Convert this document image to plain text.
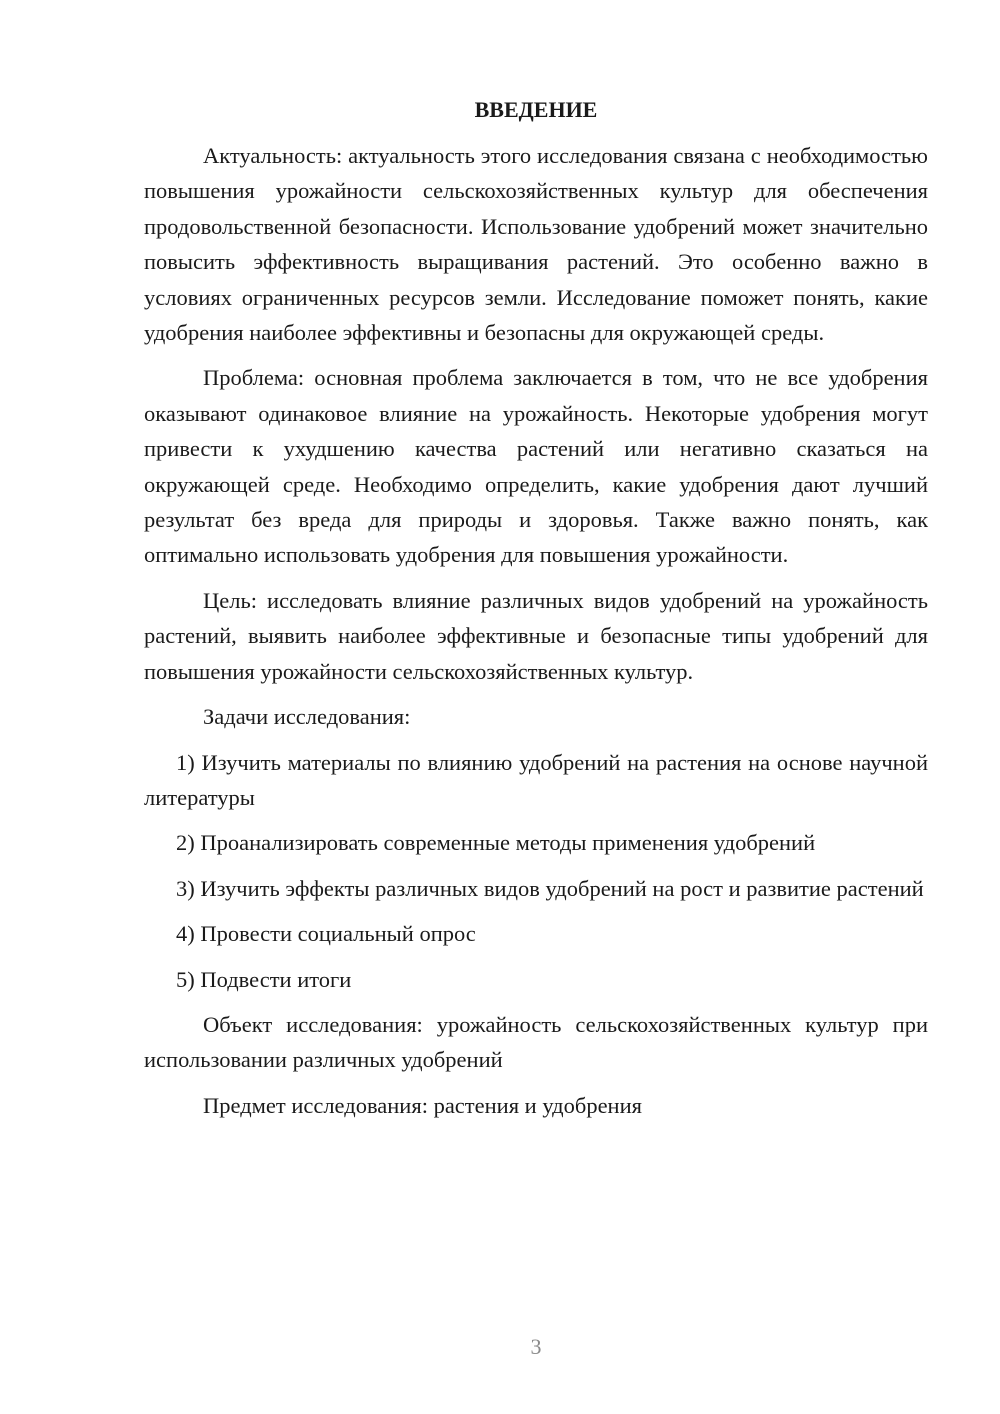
ВВЕДЕНИЕ

Актуальность: актуальность этого исследования связана с необходимостью повышения урожайности сельскохозяйственных культур для обеспечения продовольственной безопасности. Использование удобрений может значительно повысить эффективность выращивания растений. Это особенно важно в условиях ограниченных ресурсов земли. Исследование поможет понять, какие удобрения наиболее эффективны и безопасны для окружающей среды.

Проблема: основная проблема заключается в том, что не все удобрения оказывают одинаковое влияние на урожайность. Некоторые удобрения могут привести к ухудшению качества растений или негативно сказаться на окружающей среде. Необходимо определить, какие удобрения дают лучший результат без вреда для природы и здоровья. Также важно понять, как оптимально использовать удобрения для повышения урожайности.

Цель: исследовать влияние различных видов удобрений на урожайность растений, выявить наиболее эффективные и безопасные типы удобрений для повышения урожайности сельскохозяйственных культур.

Задачи исследования:

1) Изучить материалы по влиянию удобрений на растения на основе научной литературы

2) Проанализировать современные методы применения удобрений

3) Изучить эффекты различных видов удобрений на рост и развитие растений

4) Провести социальный опрос

5) Подвести итоги

Объект исследования: урожайность сельскохозяйственных культур при использовании различных удобрений

Предмет исследования: растения и удобрения

3
